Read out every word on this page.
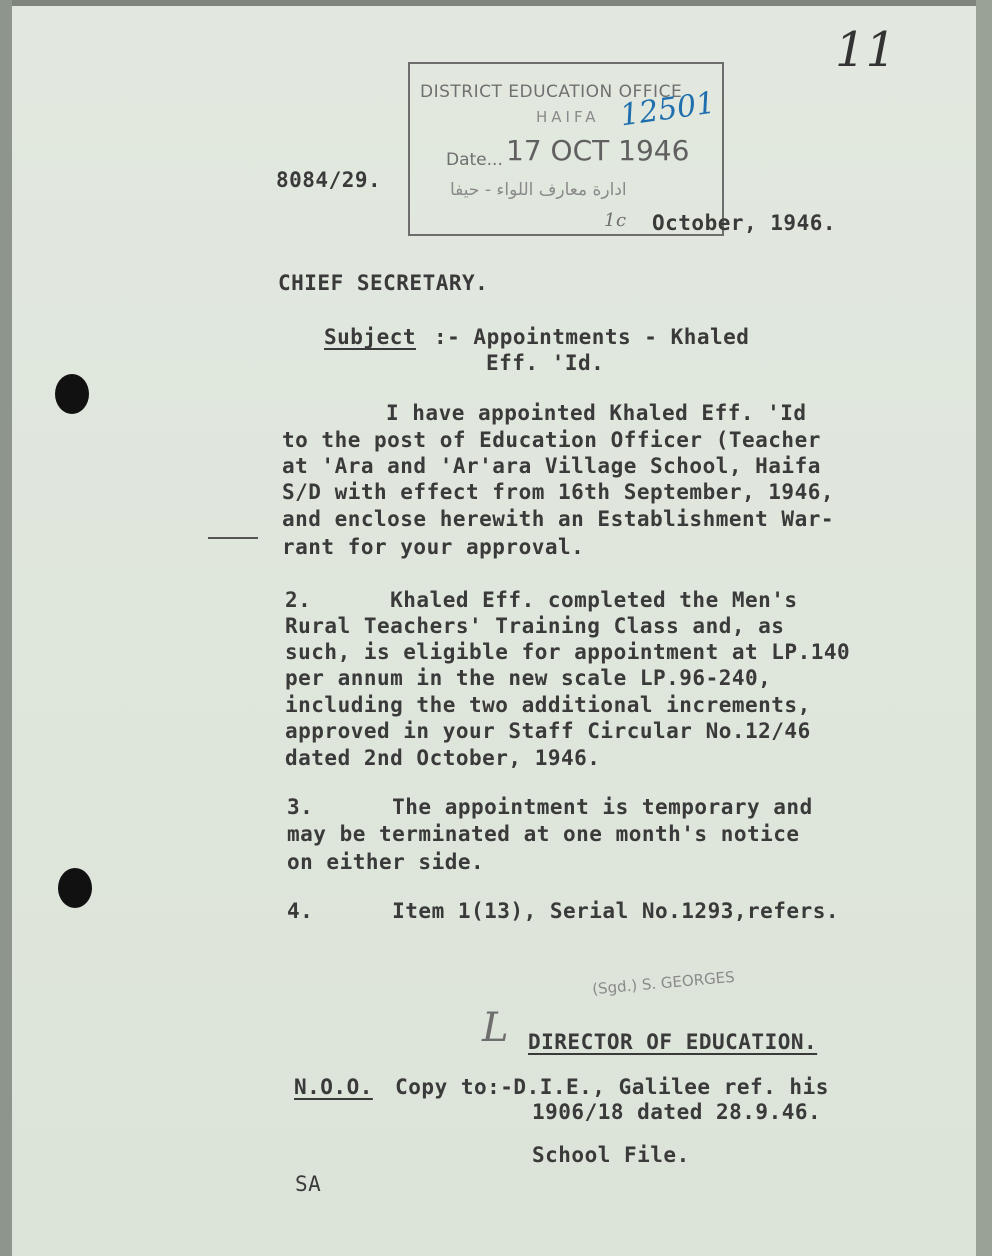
11
DISTRICT EDUCATION OFFICE
HAIFA
Date... 17 OCT 1946
ادارة معارف اللواء - حيفا
12501
8084/29.
1c October, 1946.
CHIEF SECRETARY.
Subject :- Appointments - Khaled
Eff. 'Id.
I have appointed Khaled Eff. 'Id
to the post of Education Officer (Teacher
at 'Ara and 'Ar'ara Village School, Haifa
S/D with effect from 16th September, 1946,
and enclose herewith an Establishment War-
rant for your approval.
2.      Khaled Eff. completed the Men's
Rural Teachers' Training Class and, as
such, is eligible for appointment at LP.140
per annum in the new scale LP.96-240,
including the two additional increments,
approved in your Staff Circular No.12/46
dated 2nd October, 1946.
3.      The appointment is temporary and
may be terminated at one month's notice
on either side.
4.      Item 1(13), Serial No.1293,refers.
(Sgd.) S. GEORGES
L DIRECTOR OF EDUCATION.
N.O.O. Copy to:-D.I.E., Galilee ref. his
1906/18 dated 28.9.46.
School File.
SA
